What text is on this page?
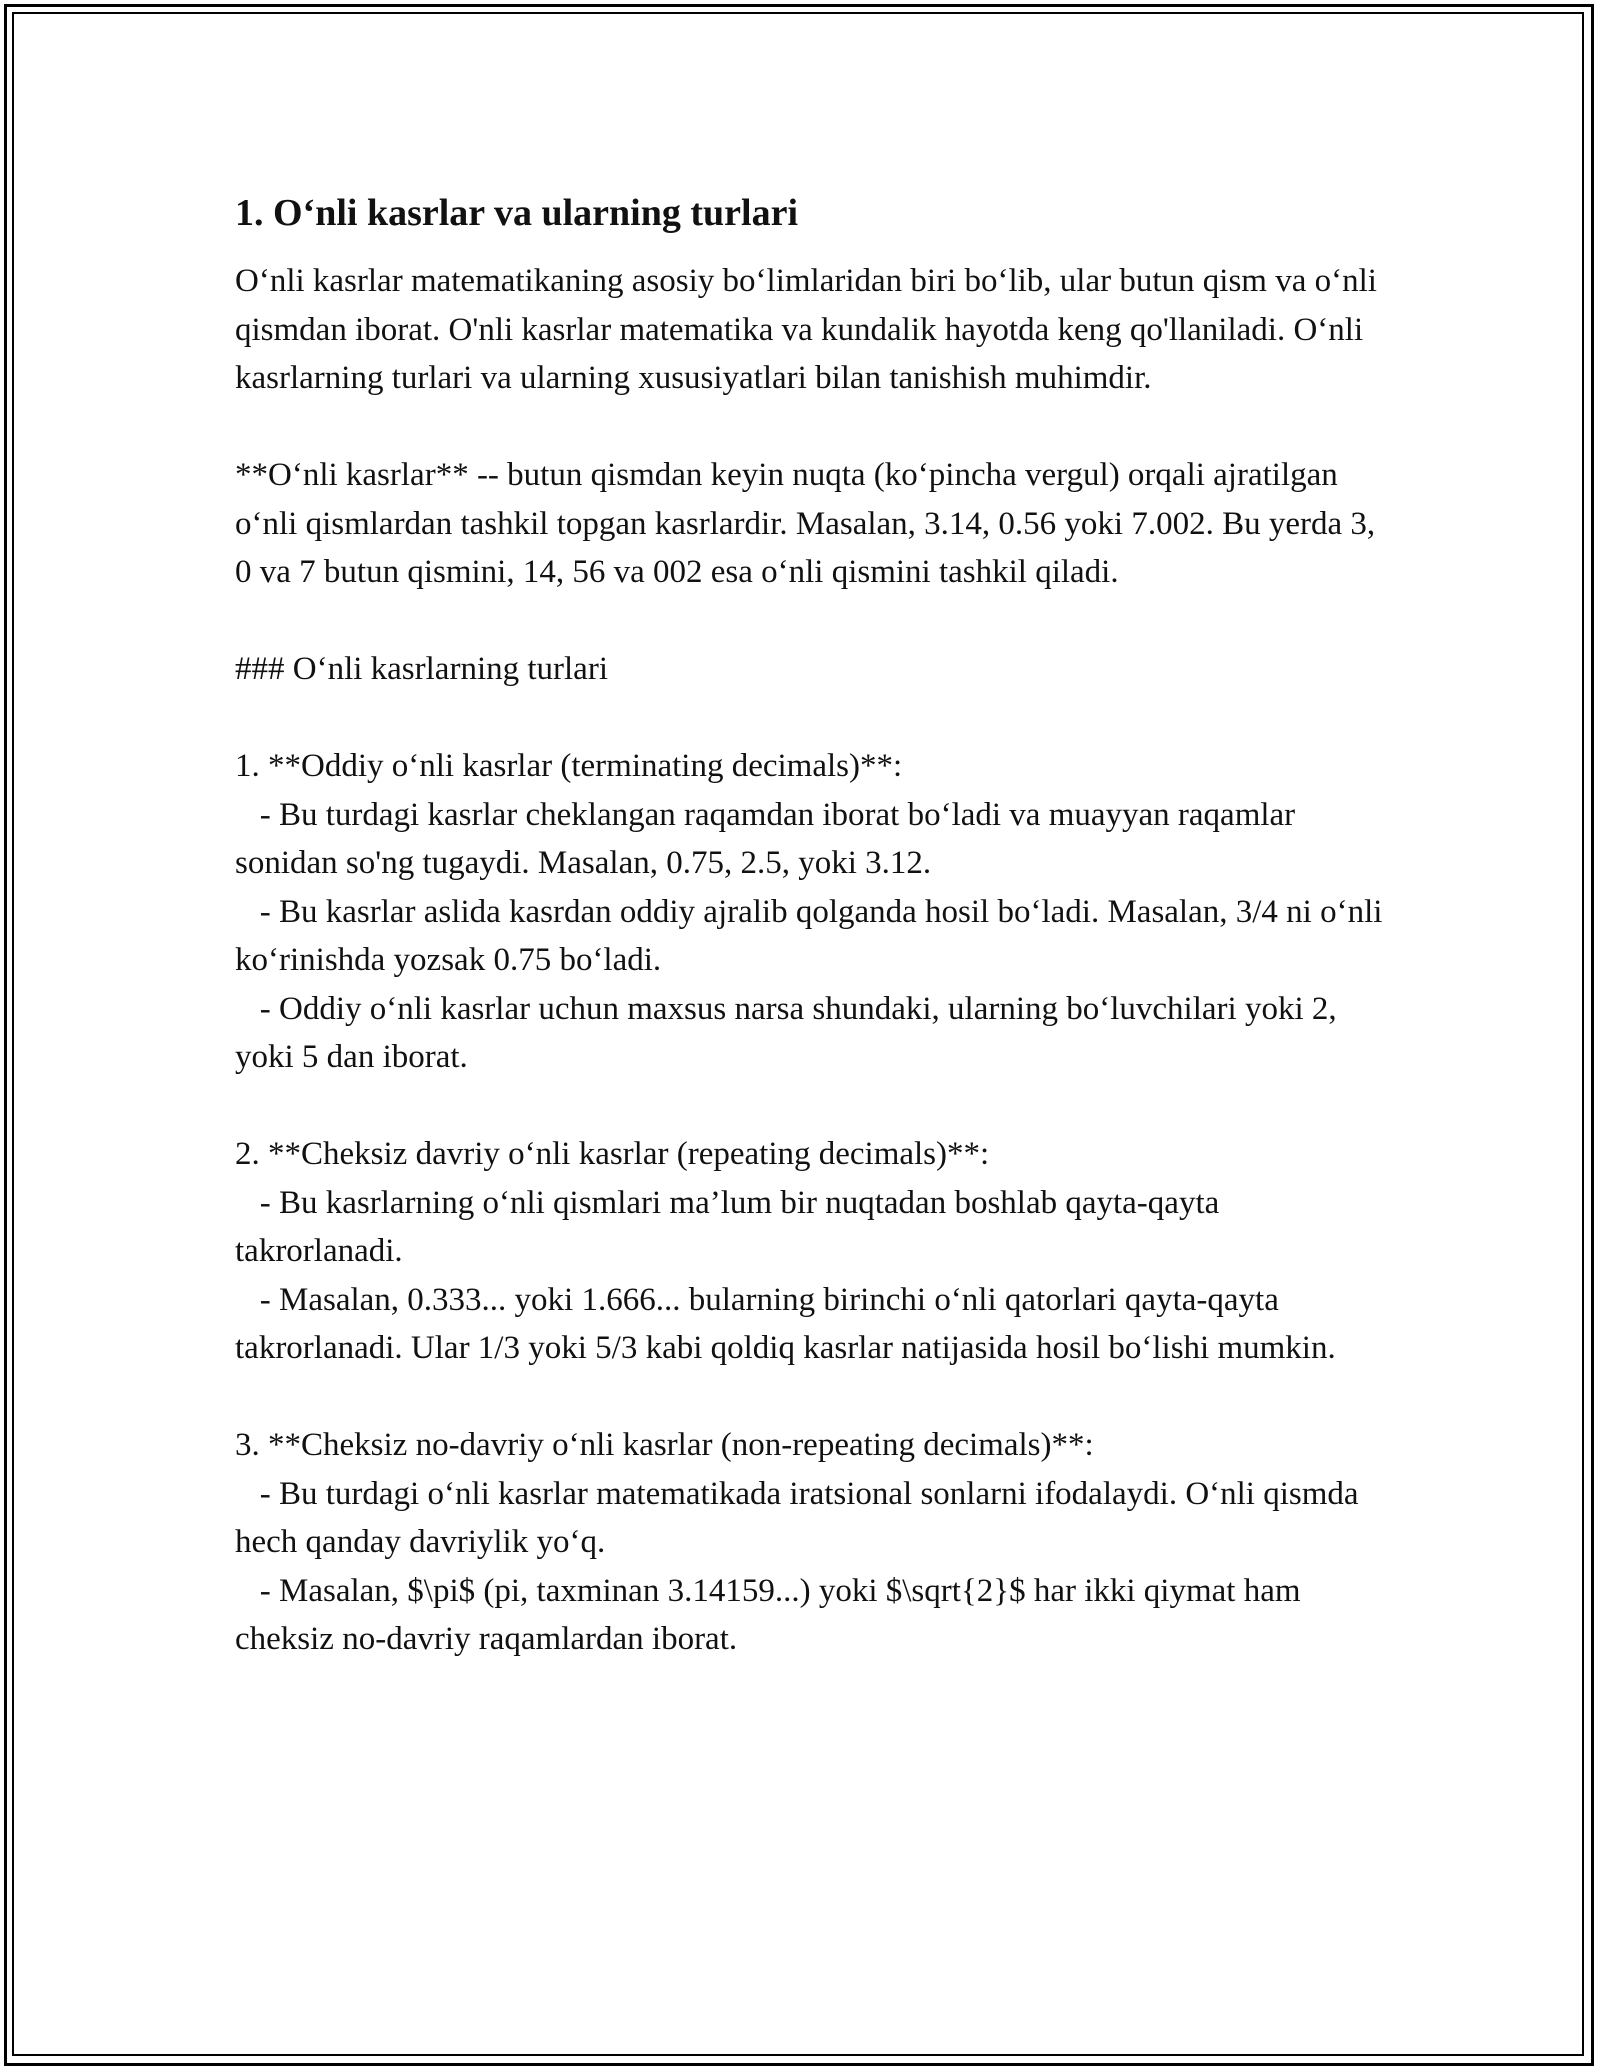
1. O‘nli kasrlar va ularning turlari

O‘nli kasrlar matematikaning asosiy bo‘limlaridan biri bo‘lib, ular butun qism va o‘nli qismdan iborat. O'nli kasrlar matematika va kundalik hayotda keng qo'llaniladi. O‘nli kasrlarning turlari va ularning xususiyatlari bilan tanishish muhimdir.

**O‘nli kasrlar** -- butun qismdan keyin nuqta (ko‘pincha vergul) orqali ajratilgan o‘nli qismlardan tashkil topgan kasrlardir. Masalan, 3.14, 0.56 yoki 7.002. Bu yerda 3, 0 va 7 butun qismini, 14, 56 va 002 esa o‘nli qismini tashkil qiladi.

### O‘nli kasrlarning turlari

1. **Oddiy o‘nli kasrlar (terminating decimals)**:

- Bu turdagi kasrlar cheklangan raqamdan iborat bo‘ladi va muayyan raqamlar sonidan so'ng tugaydi. Masalan, 0.75, 2.5, yoki 3.12.

- Bu kasrlar aslida kasrdan oddiy ajralib qolganda hosil bo‘ladi. Masalan, 3/4 ni o‘nli ko‘rinishda yozsak 0.75 bo‘ladi.

- Oddiy o‘nli kasrlar uchun maxsus narsa shundaki, ularning bo‘luvchilari yoki 2, yoki 5 dan iborat.

2. **Cheksiz davriy o‘nli kasrlar (repeating decimals)**:

- Bu kasrlarning o‘nli qismlari ma’lum bir nuqtadan boshlab qayta-qayta takrorlanadi.

- Masalan, 0.333... yoki 1.666... bularning birinchi o‘nli qatorlari qayta-qayta takrorlanadi. Ular 1/3 yoki 5/3 kabi qoldiq kasrlar natijasida hosil bo‘lishi mumkin.

3. **Cheksiz no-davriy o‘nli kasrlar (non-repeating decimals)**:

- Bu turdagi o‘nli kasrlar matematikada iratsional sonlarni ifodalaydi. O‘nli qismda hech qanday davriylik yo‘q.

- Masalan, $\pi$ (pi, taxminan 3.14159...) yoki $\sqrt{2}$ har ikki qiymat ham cheksiz no-davriy raqamlardan iborat.
